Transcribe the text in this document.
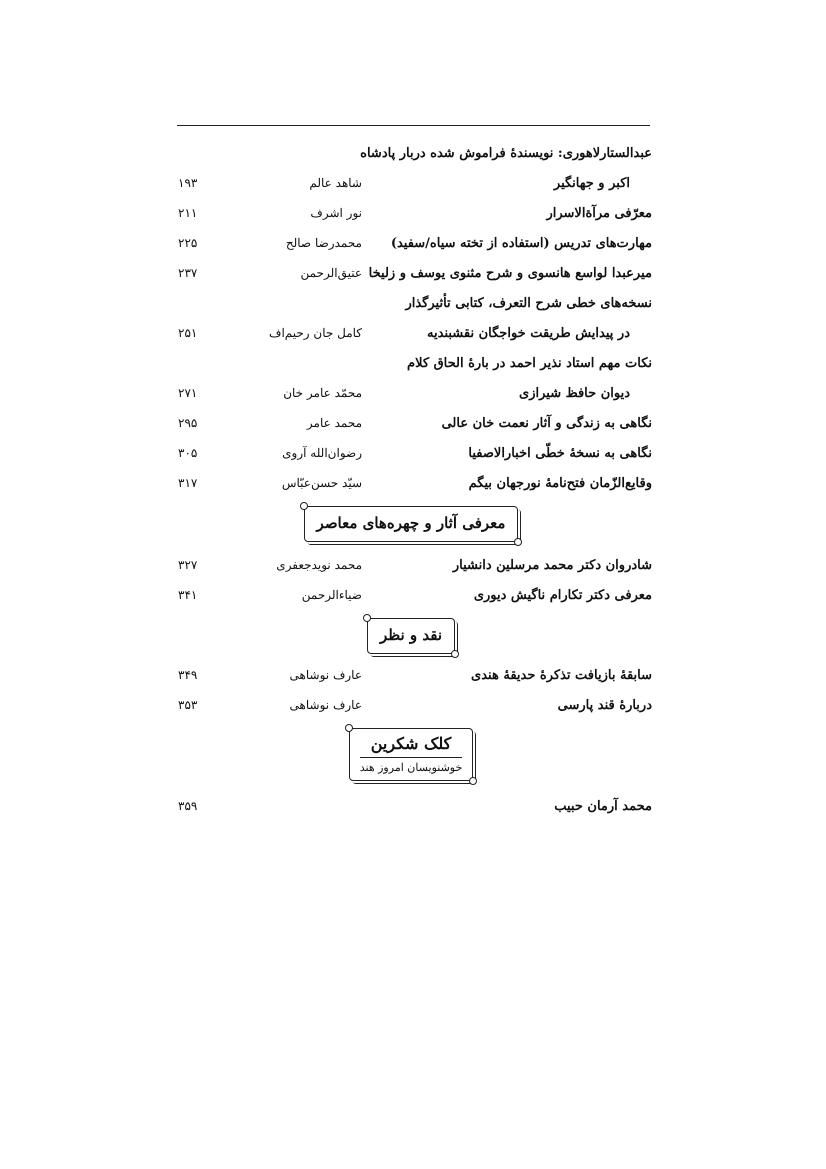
عبدالستارلاهوری: نویسندۀ فراموش شده دربار پادشاه
اکبر و جهانگیر
شاهد عالم
۱۹۳
معرّفی مرآةالاسرار
نور اشرف
۲۱۱
مهارت‌های تدریس (استفاده از تخته سیاه/سفید)
محمدرضا صالح
۲۲۵
میرعبدا لواسع هانسوی و شرح مثنوی یوسف و زلیخا
عتیق‌الرحمن
۲۳۷
نسخه‌های خطی شرح التعرف، کتابی تأثیرگذار
در پیدایش طریقت خواجگان نقشبندیه
کامل جان رحیم‌اف
۲۵۱
نکات مهم استاد نذیر احمد در بارۀ الحاق کلام
دیوان حافظ شیرازی
محمّد عامر خان
۲۷۱
نگاهی به زندگی و آثار نعمت خان عالی
محمد عامر
۲۹۵
نگاهی به نسخۀ خطّی اخبارالاصفیا
رضوان‌الله آروی
۳۰۵
وقایع‌الزّمان فتح‌نامۀ نورجهان بیگم
سیّد حسن‌عبّاس
۳۱۷
معرفی آثار و چهره‌های معاصر
شادروان دکتر محمد مرسلین دانشیار
محمد نویدجعفری
۳۲۷
معرفی دکتر تکارام ناگیش دیوری
ضیاءالرحمن
۳۴۱
نقد و نظر
سابقۀ بازیافت تذکرۀ حدیقۀ هندی
عارف نوشاهی
۳۴۹
دربارۀ قند پارسی
عارف نوشاهی
۳۵۳
کلک شکرین
خوشنویسان امروز هند
محمد آرمان حبیب
۳۵۹
